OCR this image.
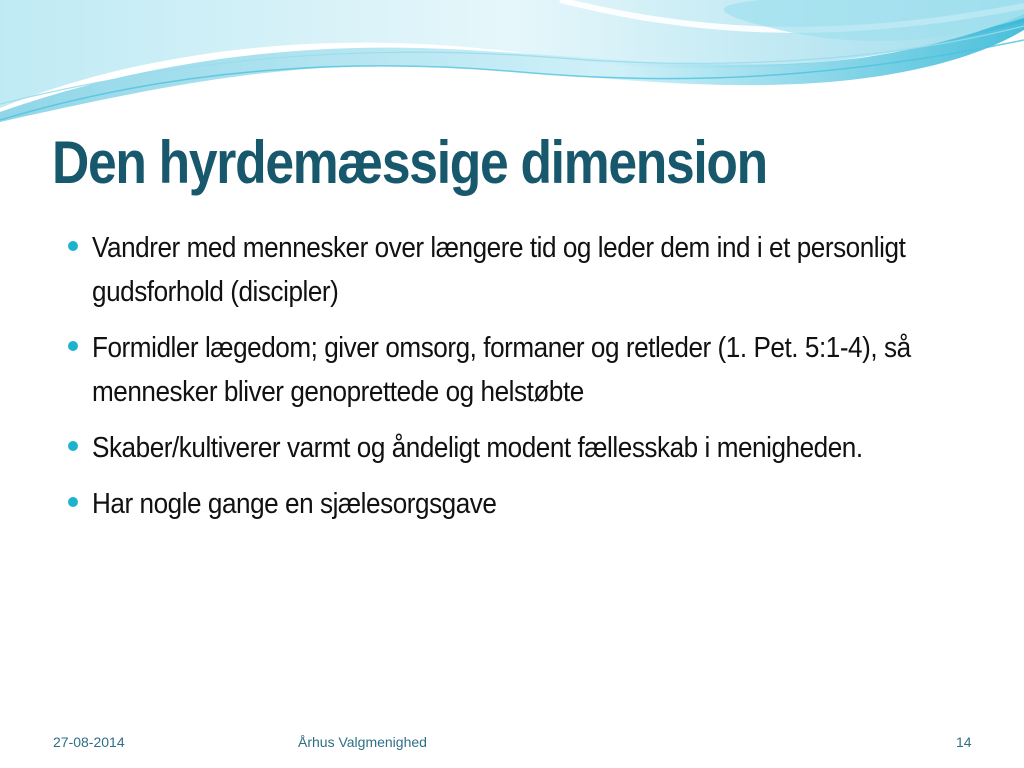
Den hyrdemæssige dimension
Vandrer med mennesker over længere tid og leder dem ind i et personligt gudsforhold (discipler)
Formidler lægedom; giver omsorg, formaner og retleder (1. Pet. 5:1-4), så mennesker bliver genoprettede og helstøbte
Skaber/kultiverer varmt og åndeligt modent fællesskab i menigheden.
Har nogle gange en sjælesorgsgave
27-08-2014	Århus Valgmenighed	14
